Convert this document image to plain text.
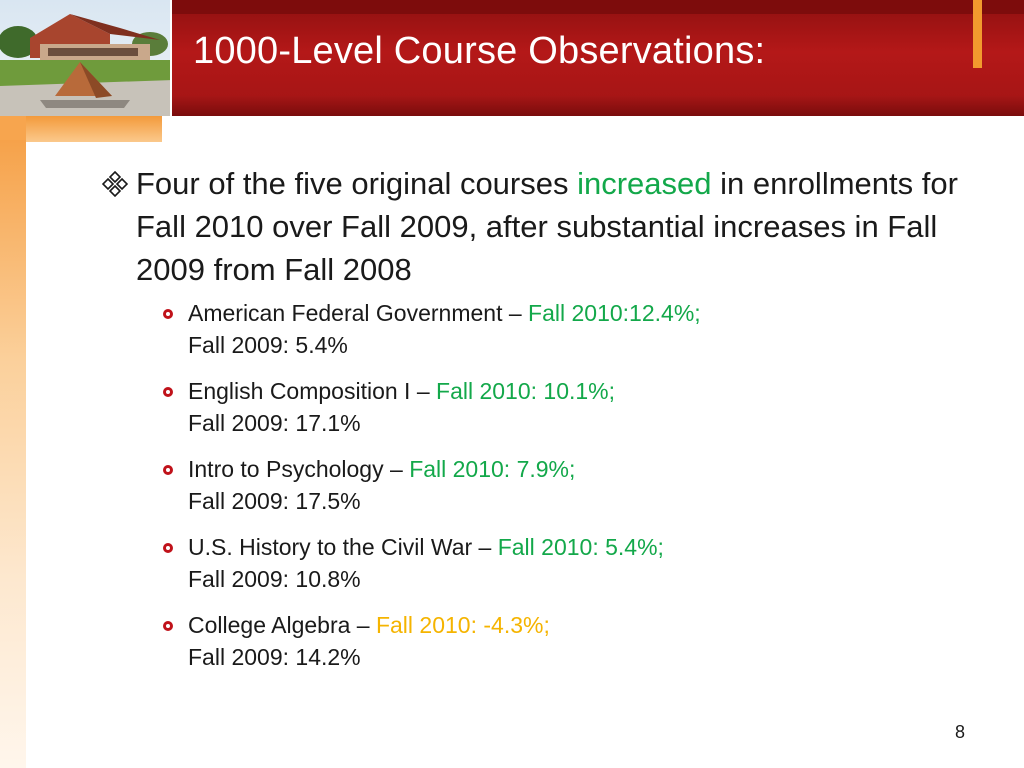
1000-Level Course Observations:
Four of the five original courses increased in enrollments for Fall 2010 over Fall 2009, after substantial increases in Fall 2009 from Fall 2008
American Federal Government – Fall 2010:12.4%;
Fall 2009: 5.4%
English Composition I – Fall 2010: 10.1%;
Fall 2009: 17.1%
Intro to Psychology – Fall 2010: 7.9%;
Fall 2009: 17.5%
U.S. History to the Civil War – Fall 2010: 5.4%;
Fall 2009: 10.8%
College Algebra – Fall 2010: -4.3%;
Fall 2009: 14.2%
8
